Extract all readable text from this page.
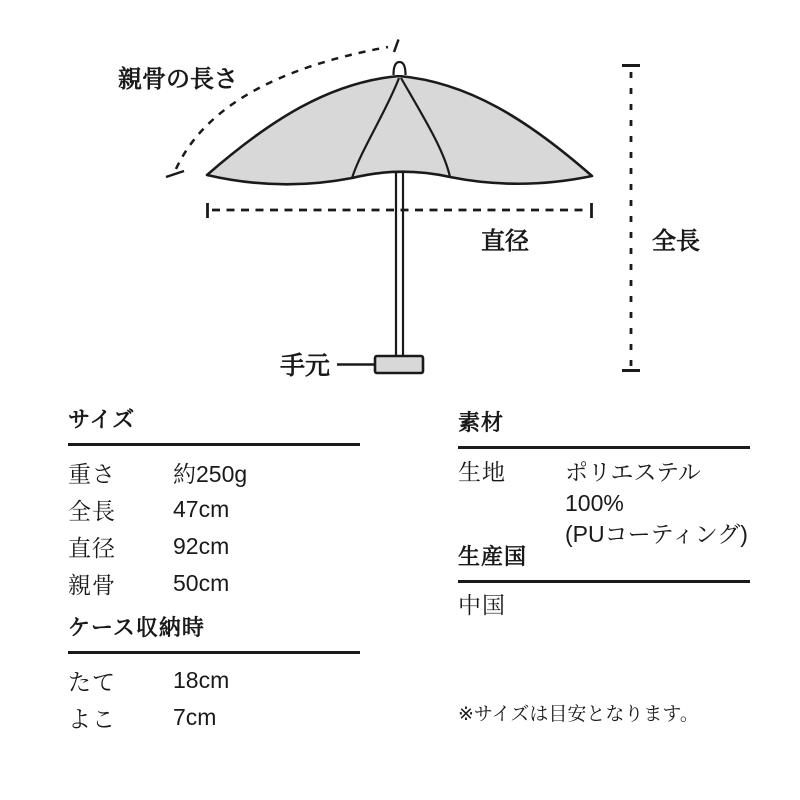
親骨の長さ
直径	全長
手元
サイズ
重さ	約250g
全長	47cm
直径	92cm
親骨	50cm
ケース収納時
たて	18cm
よこ	7cm
素材
生地	ポリエステル100%
(PUコーティング)
生産国
中国
※サイズは目安となります。
